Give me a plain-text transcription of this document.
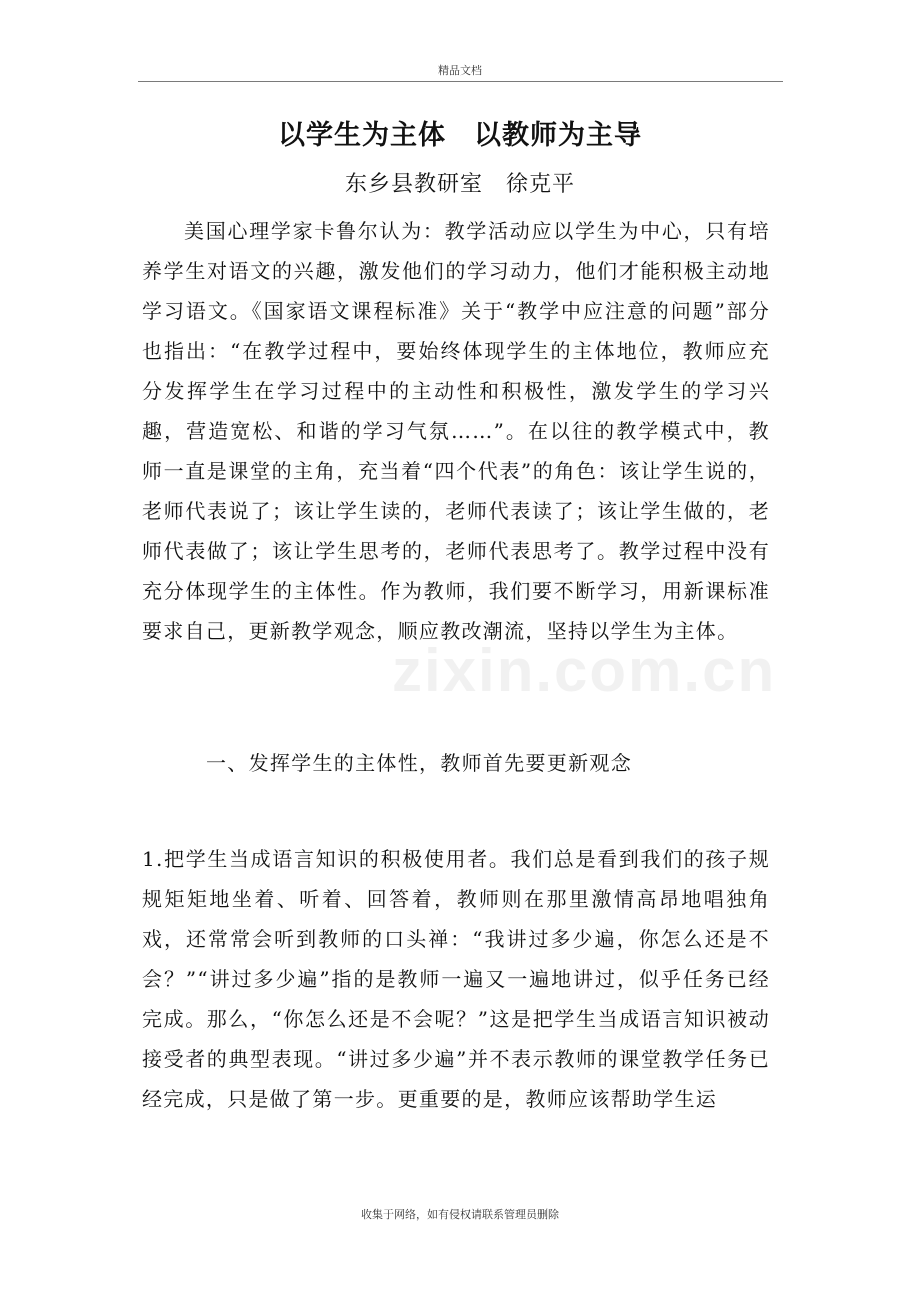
精品文档
以学生为主体　以教师为主导
东乡县教研室　徐克平
美国心理学家卡鲁尔认为：教学活动应以学生为中心，只有培养学生对语文的兴趣，激发他们的学习动力，他们才能积极主动地学习语文。《国家语文课程标准》关于“教学中应注意的问题”部分也指出：“在教学过程中，要始终体现学生的主体地位，教师应充分发挥学生在学习过程中的主动性和积极性，激发学生的学习兴趣，营造宽松、和谐的学习气氛……”。在以往的教学模式中，教师一直是课堂的主角，充当着“四个代表”的角色：该让学生说的，老师代表说了；该让学生读的，老师代表读了；该让学生做的，老师代表做了；该让学生思考的，老师代表思考了。教学过程中没有充分体现学生的主体性。作为教师，我们要不断学习，用新课标准要求自己，更新教学观念，顺应教改潮流，坚持以学生为主体。
一、发挥学生的主体性，教师首先要更新观念
1.把学生当成语言知识的积极使用者。我们总是看到我们的孩子规规矩矩地坐着、听着、回答着，教师则在那里激情高昂地唱独角戏，还常常会听到教师的口头禅：“我讲过多少遍，你怎么还是不会？”“讲过多少遍”指的是教师一遍又一遍地讲过，似乎任务已经完成。那么，“你怎么还是不会呢？”这是把学生当成语言知识被动接受者的典型表现。“讲过多少遍”并不表示教师的课堂教学任务已经完成，只是做了第一步。更重要的是，教师应该帮助学生运
zixin.com.cn
收集于网络，如有侵权请联系管理员删除
